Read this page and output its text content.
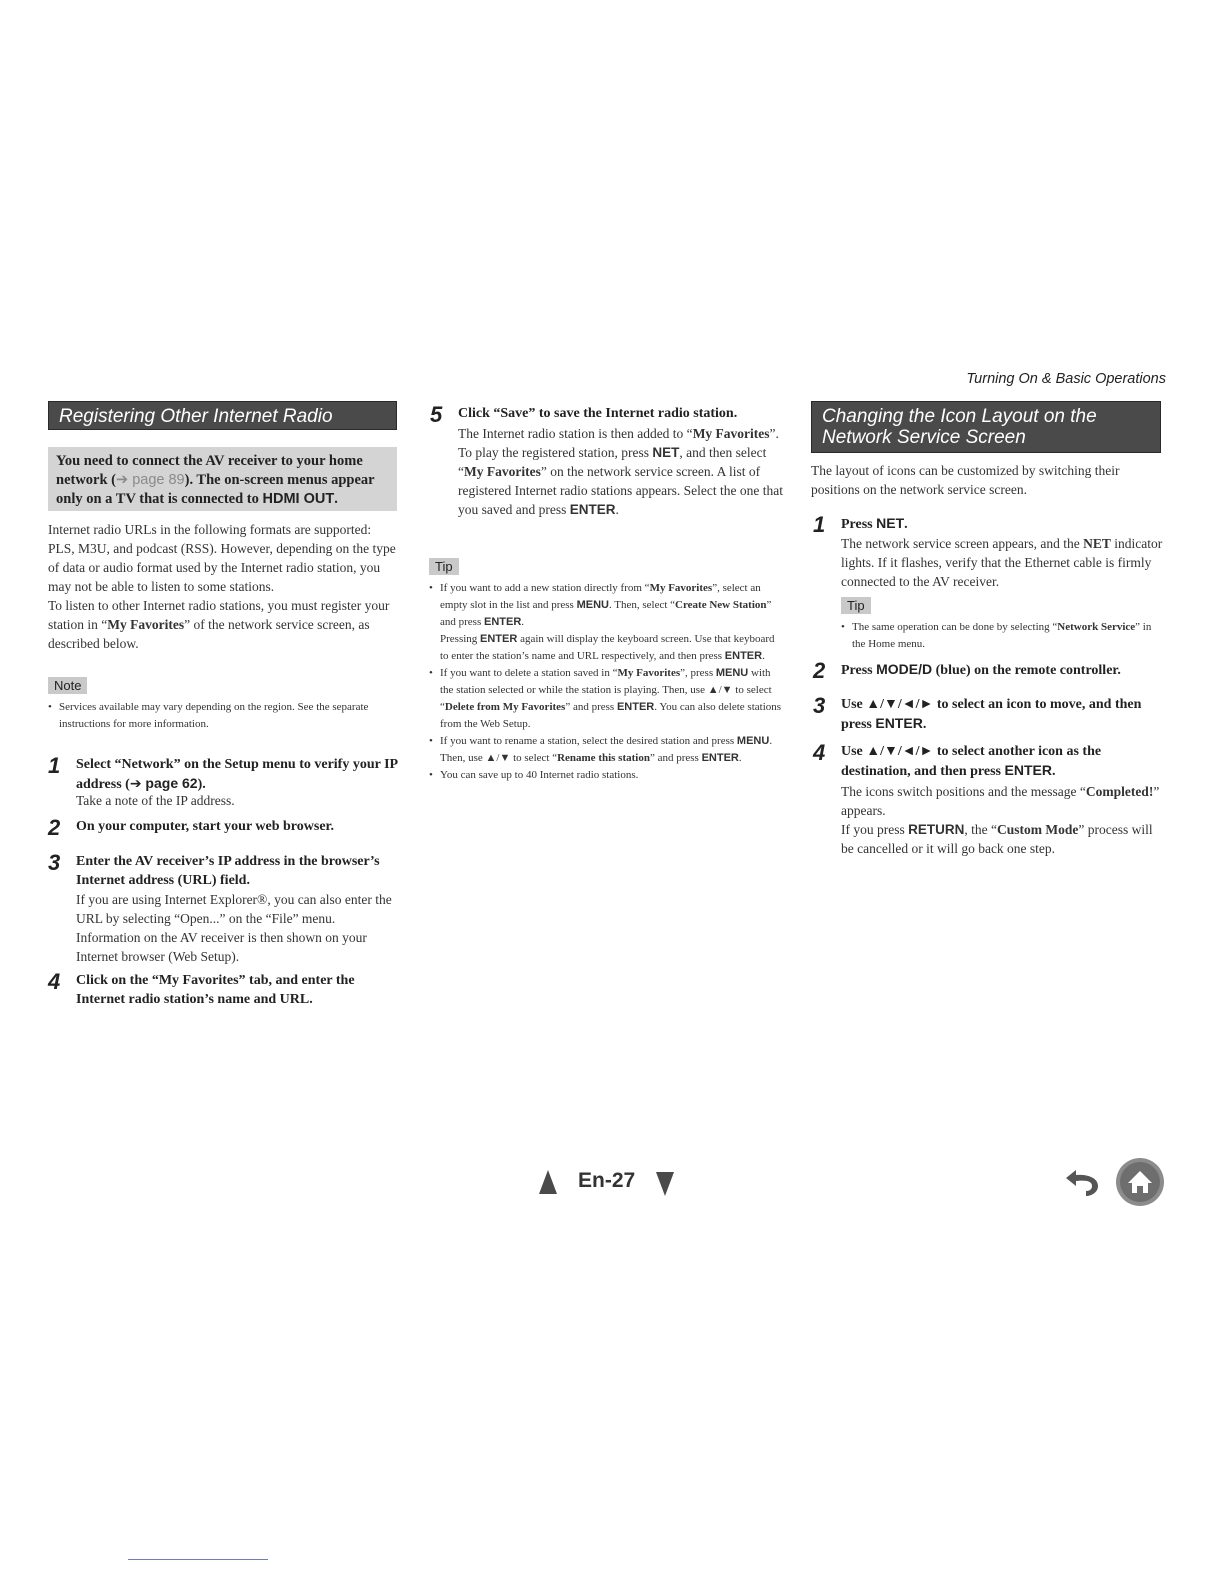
Turning On & Basic Operations
Registering Other Internet Radio
You need to connect the AV receiver to your home network (➔ page 89). The on-screen menus appear only on a TV that is connected to HDMI OUT.

Internet radio URLs in the following formats are supported: PLS, M3U, and podcast (RSS). However, depending on the type of data or audio format used by the Internet radio station, you may not be able to listen to some stations.

To listen to other Internet radio stations, you must register your station in “My Favorites” of the network service screen, as described below.

Note
• Services available may vary depending on the region. See the separate instructions for more information.
1 Select “Network” on the Setup menu to verify your IP address (➔ page 62).

Take a note of the IP address.

2 On your computer, start your web browser.
3 Enter the AV receiver’s IP address in the browser’s Internet address (URL) field.

If you are using Internet Explorer®, you can also enter the URL by selecting “Open...” on the “File” menu.

Information on the AV receiver is then shown on your Internet browser (Web Setup).

4 Click on the “My Favorites” tab, and enter the Internet radio station’s name and URL.
5 Click “Save” to save the Internet radio station.

The Internet radio station is then added to “My Favorites”. To play the registered station, press NET, and then select “My Favorites” on the network service screen. A list of registered Internet radio stations appears. Select the one that you saved and press ENTER.

Tip
• If you want to add a new station directly from “My Favorites”, select an empty slot in the list and press MENU. Then, select “Create New Station” and press ENTER.
Pressing ENTER again will display the keyboard screen. Use that keyboard to enter the station’s name and URL respectively, and then press ENTER.
• If you want to delete a station saved in “My Favorites”, press MENU with the station selected or while the station is playing. Then, use ▲/▼ to select “Delete from My Favorites” and press ENTER. You can also delete stations from the Web Setup.
• If you want to rename a station, select the desired station and press MENU. Then, use ▲/▼ to select “Rename this station” and press ENTER.
• You can save up to 40 Internet radio stations.
Changing the Icon Layout on the
Network Service Screen

The layout of icons can be customized by switching their positions on the network service screen.

1 Press NET.

The network service screen appears, and the NET indicator lights. If it flashes, verify that the Ethernet cable is firmly connected to the AV receiver.

Tip
• The same operation can be done by selecting “Network Service” in the Home menu.
2 Press MODE/D (blue) on the remote controller.
3 Use ▲/▼/◄/► to select an icon to move, and then press ENTER.
4 Use ▲/▼/◄/► to select another icon as the destination, and then press ENTER.

The icons switch positions and the message “Completed!” appears.

If you press RETURN, the “Custom Mode” process will be cancelled or it will go back one step.

En-27
